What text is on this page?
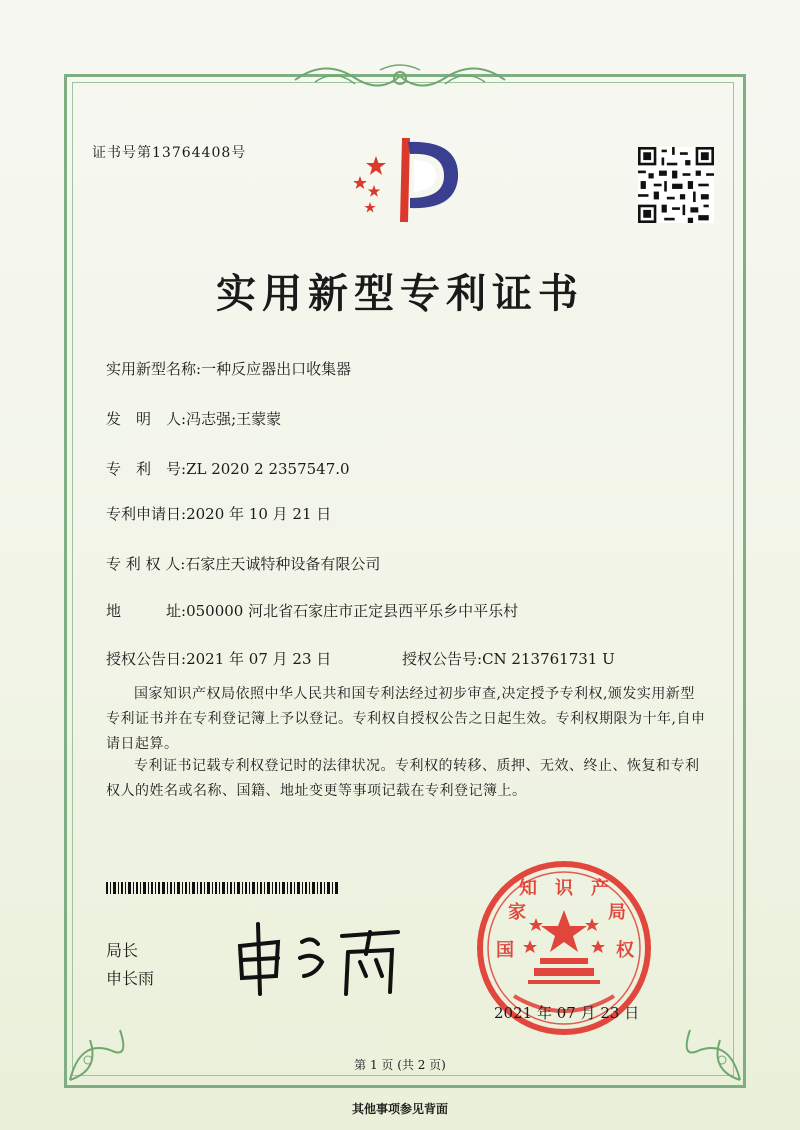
证书号第13764408号
实用新型专利证书
实用新型名称:一种反应器出口收集器
发　明　人:冯志强;王蒙蒙
专　利　号:ZL 2020 2 2357547.0
专利申请日:2020 年 10 月 21 日
专 利 权 人:石家庄天诚特种设备有限公司
地　　　址:050000 河北省石家庄市正定县西平乐乡中平乐村
授权公告日:2021 年 07 月 23 日	授权公告号:CN 213761731 U
国家知识产权局依照中华人民共和国专利法经过初步审查,决定授予专利权,颁发实用新型专利证书并在专利登记簿上予以登记。专利权自授权公告之日起生效。专利权期限为十年,自申请日起算。
专利证书记载专利权登记时的法律状况。专利权的转移、质押、无效、终止、恢复和专利权人的姓名或名称、国籍、地址变更等事项记载在专利登记簿上。
局长
申长雨
知　识　产
国	权
家	局
2021 年 07 月 23 日
第 1 页 (共 2 页)
其他事项参见背面
